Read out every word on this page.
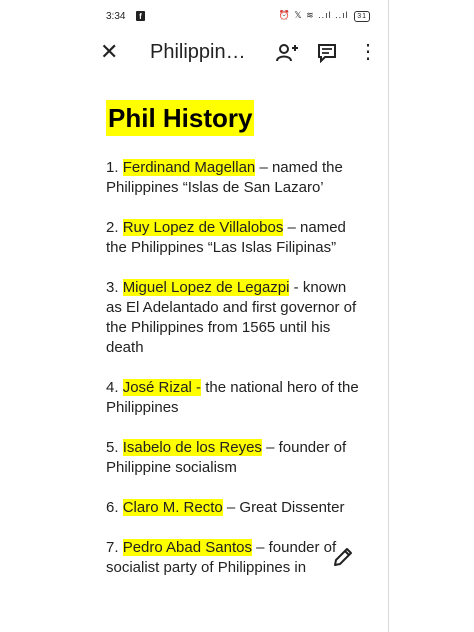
3:34	f	⏰ 𝕏 ≋ ..ıl ..ıl 31
✕ Philippin…	⋮
Phil History
1. Ferdinand Magellan – named the Philippines “Islas de San Lazaro’
2. Ruy Lopez de Villalobos – named the Philippines “Las Islas Filipinas”
3. Miguel Lopez de Legazpi - known as El Adelantado and first governor of the Philippines from 1565 until his death
4. José Rizal - the national hero of the Philippines
5. Isabelo de los Reyes – founder of Philippine socialism
6. Claro M. Recto – Great Dissenter
7. Pedro Abad Santos – founder of socialist party of Philippines in
